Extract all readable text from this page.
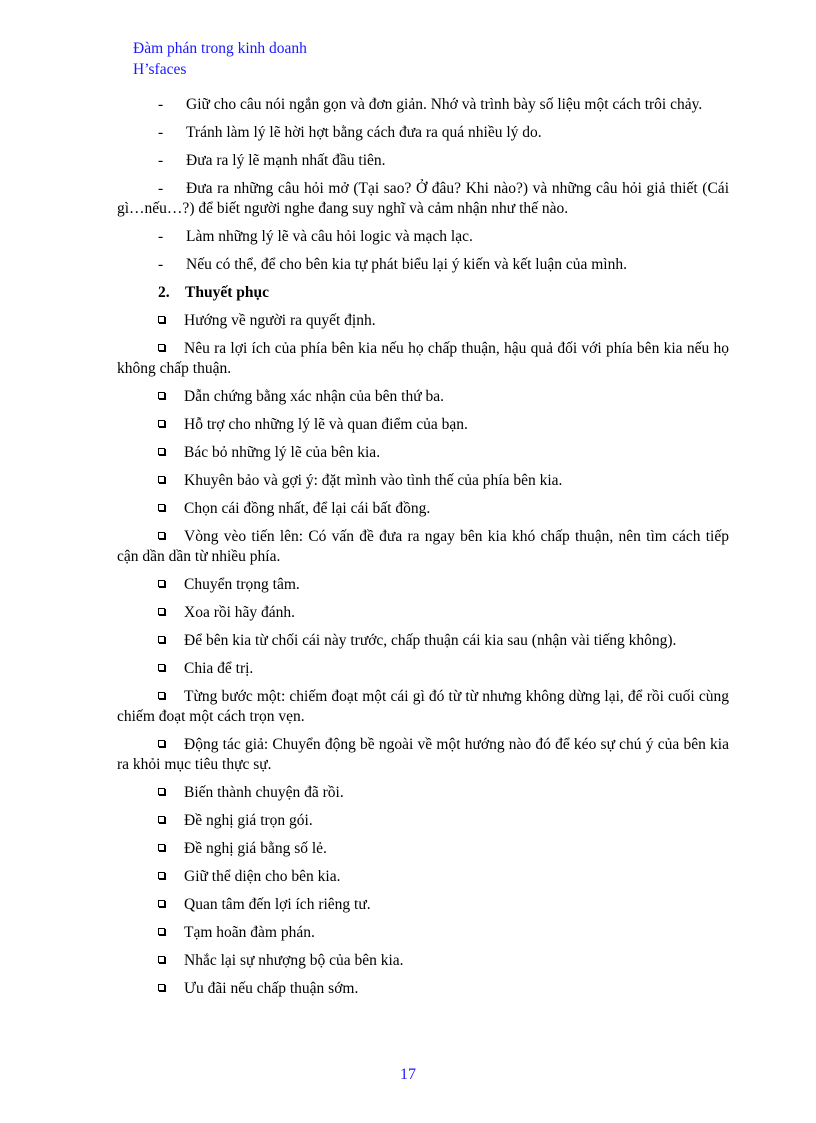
Đàm phán trong kinh doanh
H’sfaces
- Giữ cho câu nói ngắn gọn và đơn giản. Nhớ và trình bày số liệu một cách trôi chảy.
- Tránh làm lý lẽ hời hợt bằng cách đưa ra quá nhiều lý do.
- Đưa ra lý lẽ mạnh nhất đầu tiên.
- Đưa ra những câu hỏi mở (Tại sao? Ở đâu? Khi nào?) và những câu hỏi giả thiết (Cái gì…nếu…?) để biết người nghe đang suy nghĩ và cảm nhận như thế nào.
- Làm những lý lẽ và câu hỏi logic và mạch lạc.
- Nếu có thể, để cho bên kia tự phát biểu lại ý kiến và kết luận của mình.
2. Thuyết phục
Hướng về người ra quyết định.
Nêu ra lợi ích của phía bên kia nếu họ chấp thuận, hậu quả đối với phía bên kia nếu họ không chấp thuận.
Dẫn chứng bằng xác nhận của bên thứ ba.
Hỗ trợ cho những lý lẽ và quan điểm của bạn.
Bác bỏ những lý lẽ của bên kia.
Khuyên bảo và gợi ý: đặt mình vào tình thế của phía bên kia.
Chọn cái đồng nhất, để lại cái bất đồng.
Vòng vèo tiến lên: Có vấn đề đưa ra ngay bên kia khó chấp thuận, nên tìm cách tiếp cận dần dần từ nhiều phía.
Chuyển trọng tâm.
Xoa rồi hãy đánh.
Để bên kia từ chối cái này trước, chấp thuận cái kia sau (nhận vài tiếng không).
Chia để trị.
Từng bước một: chiếm đoạt một cái gì đó từ từ nhưng không dừng lại, để rồi cuối cùng chiếm đoạt một cách trọn vẹn.
Động tác giả: Chuyển động bề ngoài về một hướng nào đó để kéo sự chú ý của bên kia ra khỏi mục tiêu thực sự.
Biến thành chuyện đã rồi.
Đề nghị giá trọn gói.
Đề nghị giá bằng số lẻ.
Giữ thể diện cho bên kia.
Quan tâm đến lợi ích riêng tư.
Tạm hoãn đàm phán.
Nhắc lại sự nhượng bộ của bên kia.
Ưu đãi nếu chấp thuận sớm.
17
